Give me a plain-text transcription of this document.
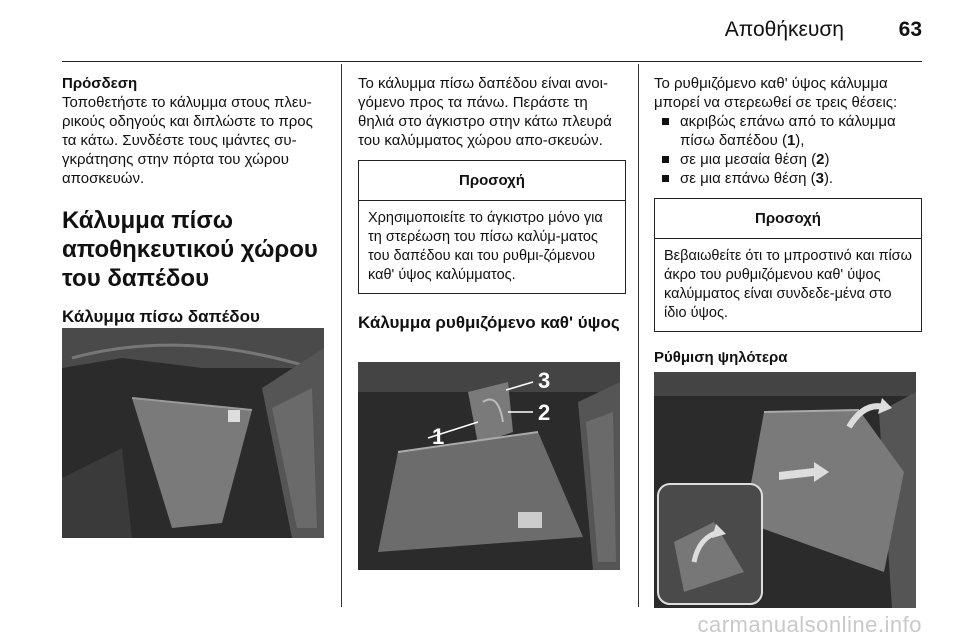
Αποθήκευση	63
Πρόσδεση
Τοποθετήστε το κάλυμμα στους πλευ-ρικούς οδηγούς και διπλώστε το προς τα κάτω. Συνδέστε τους ιμάντες συ-γκράτησης στην πόρτα του χώρου αποσκευών.
Κάλυμμα πίσω αποθηκευτικού χώρου του δαπέδου
Κάλυμμα πίσω δαπέδου
Το κάλυμμα πίσω δαπέδου είναι ανοι-γόμενο προς τα πάνω. Περάστε τη θηλιά στο άγκιστρο στην κάτω πλευρά του καλύμματος χώρου απο-σκευών.
Προσοχή
Χρησιμοποιείτε το άγκιστρο μόνο για τη στερέωση του πίσω καλύμ-ματος του δαπέδου και του ρυθμι-ζόμενου καθ' ύψος καλύμματος.
Κάλυμμα ρυθμιζόμενο καθ' ύψος
1
2
3
Το ρυθμιζόμενο καθ' ύψος κάλυμμα μπορεί να στερεωθεί σε τρεις θέσεις:
ακριβώς επάνω από το κάλυμμα πίσω δαπέδου (1),
σε μια μεσαία θέση (2)
σε μια επάνω θέση (3).
Προσοχή
Βεβαιωθείτε ότι το μπροστινό και πίσω άκρο του ρυθμιζόμενου καθ' ύψος καλύμματος είναι συνδεδε-μένα στο ίδιο ύψος.
Ρύθμιση ψηλότερα
carmanualsonline.info
